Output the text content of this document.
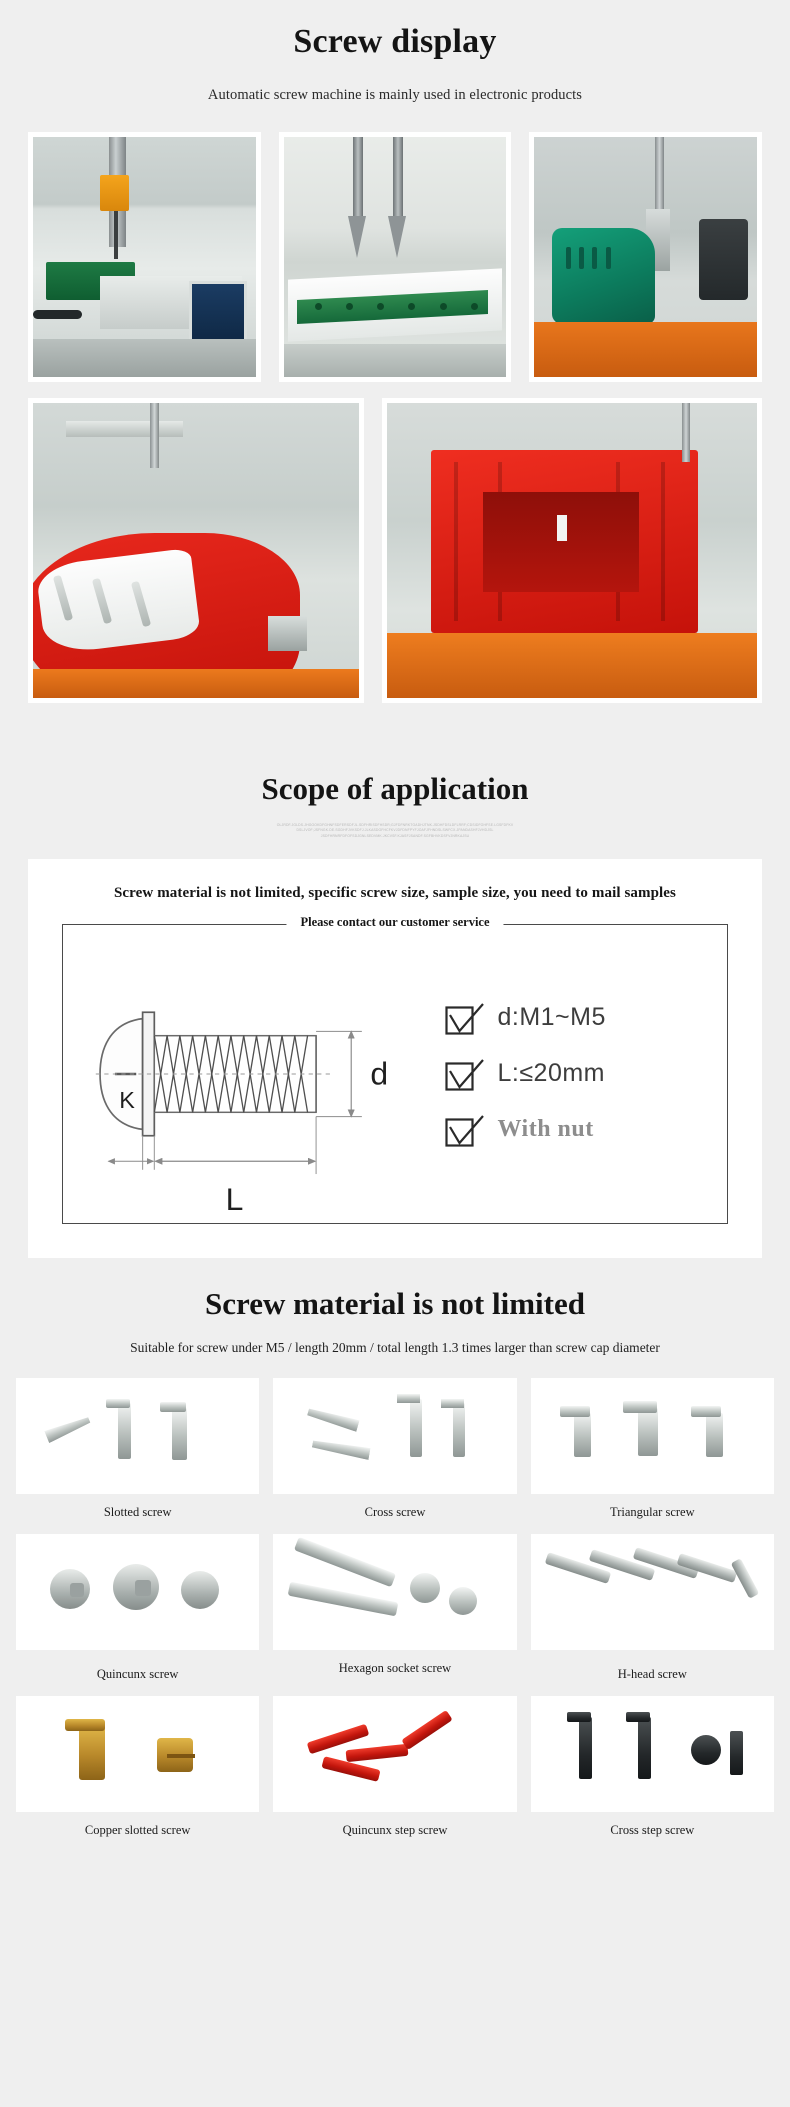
Screw display

Automatic screw machine is mainly used in electronic products

Scope of application
OLJRDF.JGLDS.JHGOOKDFGHNFSDFERSDFJL.SDFHRISDFHSDR;GJFDFNRKTGADHJTNK.JSDHFDSLDFLRRF;CDSIDFOHFSE.LGSFDFKV
DSLJVOF;JSFNGK.DE.SGDHFJVKSDFJ.JLKASDGFHCFKVJDFDNFPYFJOAFJFHNDSLSWFCX.JPANDASHFJVHDJSL
JSDFHRNRFDFOFSDJGNLSEDVMK.JKCVSF.KJASFJSANDF.SGFBHVKDSFVJNRKAJSU
Screw material is not limited, specific screw size, sample size, you need to mail samples
Please contact our customer service
d
K
L
d:M1~M5
L:≤20mm
With nut
Screw material is not limited

Suitable for screw under M5 / length 20mm / total length 1.3 times larger than screw cap diameter

Slotted screw	Cross screw	Triangular screw
Quincunx screw	Hexagon socket screw	H-head screw
Copper slotted screw	Quincunx step screw	Cross step screw
